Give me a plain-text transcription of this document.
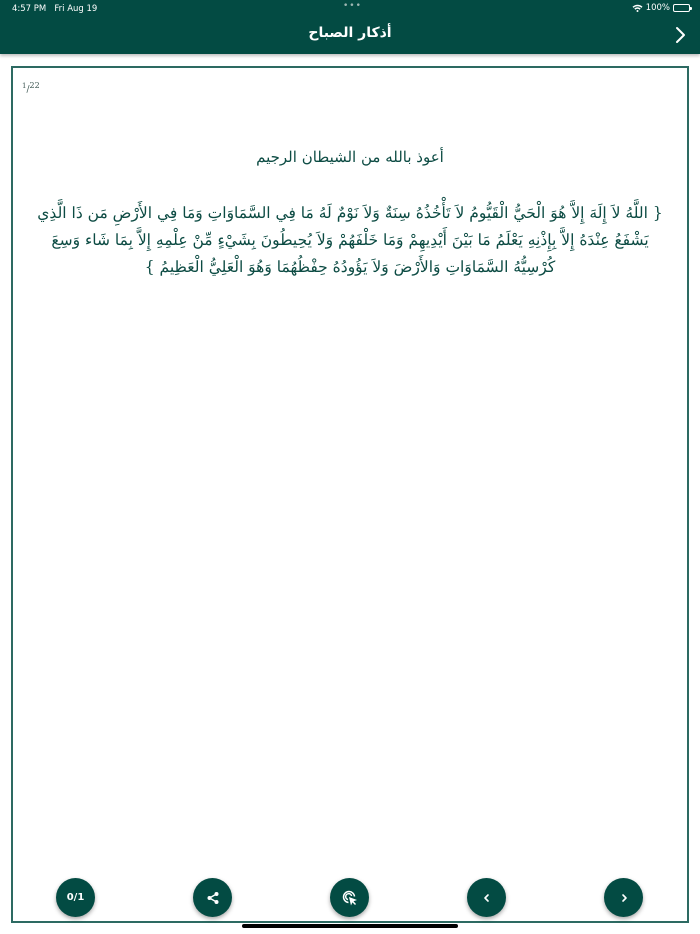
4:57 PM Fri Aug 19	•••	100%
أذكار الصباح
$^1/_{22}$
أعوذ بالله من الشيطان الرجيم
{ اللَّهُ لاَ إِلَهَ إِلاَّ هُوَ الْحَيُّ الْقَيُّومُ لاَ تَأْخُذُهُ سِنَةٌ وَلاَ نَوْمٌ لَهُ مَا فِي السَّمَاوَاتِ وَمَا فِي الأَرْضِ مَن ذَا الَّذِي يَشْفَعُ عِنْدَهُ إِلاَّ بِإِذْنِهِ يَعْلَمُ مَا بَيْنَ أَيْدِيهِمْ وَمَا خَلْفَهُمْ وَلاَ يُحِيطُونَ بِشَيْءٍ مِّنْ عِلْمِهِ إِلاَّ بِمَا شَاء وَسِعَ كُرْسِيُّهُ السَّمَاوَاتِ وَالأَرْضَ وَلاَ يَؤُودُهُ حِفْظُهُمَا وَهُوَ الْعَلِيُّ الْعَظِيمُ }
0/1
